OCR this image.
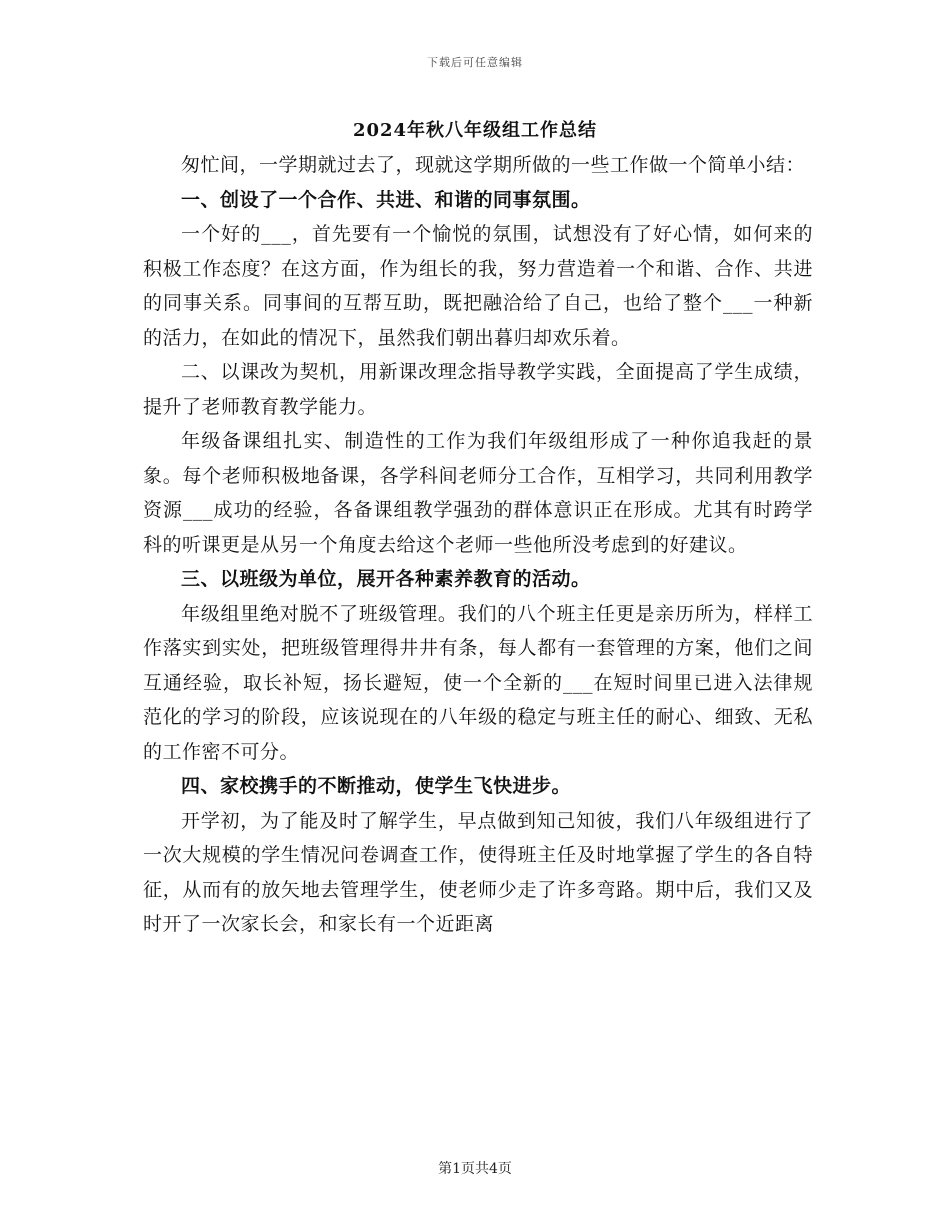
下载后可任意编辑
2024年秋八年级组工作总结

匆忙间，一学期就过去了，现就这学期所做的一些工作做一个简单小结：

一、创设了一个合作、共进、和谐的同事氛围。

一个好的___，首先要有一个愉悦的氛围，试想没有了好心情，如何来的积极工作态度？在这方面，作为组长的我，努力营造着一个和谐、合作、共进的同事关系。同事间的互帮互助，既把融洽给了自己，也给了整个___一种新的活力，在如此的情况下，虽然我们朝出暮归却欢乐着。

二、以课改为契机，用新课改理念指导教学实践，全面提高了学生成绩，提升了老师教育教学能力。

年级备课组扎实、制造性的工作为我们年级组形成了一种你追我赶的景象。每个老师积极地备课，各学科间老师分工合作，互相学习，共同利用教学资源___成功的经验，各备课组教学强劲的群体意识正在形成。尤其有时跨学科的听课更是从另一个角度去给这个老师一些他所没考虑到的好建议。

三、以班级为单位，展开各种素养教育的活动。

年级组里绝对脱不了班级管理。我们的八个班主任更是亲历所为，样样工作落实到实处，把班级管理得井井有条，每人都有一套管理的方案，他们之间互通经验，取长补短，扬长避短，使一个全新的___在短时间里已进入法律规范化的学习的阶段，应该说现在的八年级的稳定与班主任的耐心、细致、无私的工作密不可分。

四、家校携手的不断推动，使学生飞快进步。

开学初，为了能及时了解学生，早点做到知己知彼，我们八年级组进行了一次大规模的学生情况问卷调查工作，使得班主任及时地掌握了学生的各自特征，从而有的放矢地去管理学生，使老师少走了许多弯路。期中后，我们又及时开了一次家长会，和家长有一个近距离

第1页共4页
